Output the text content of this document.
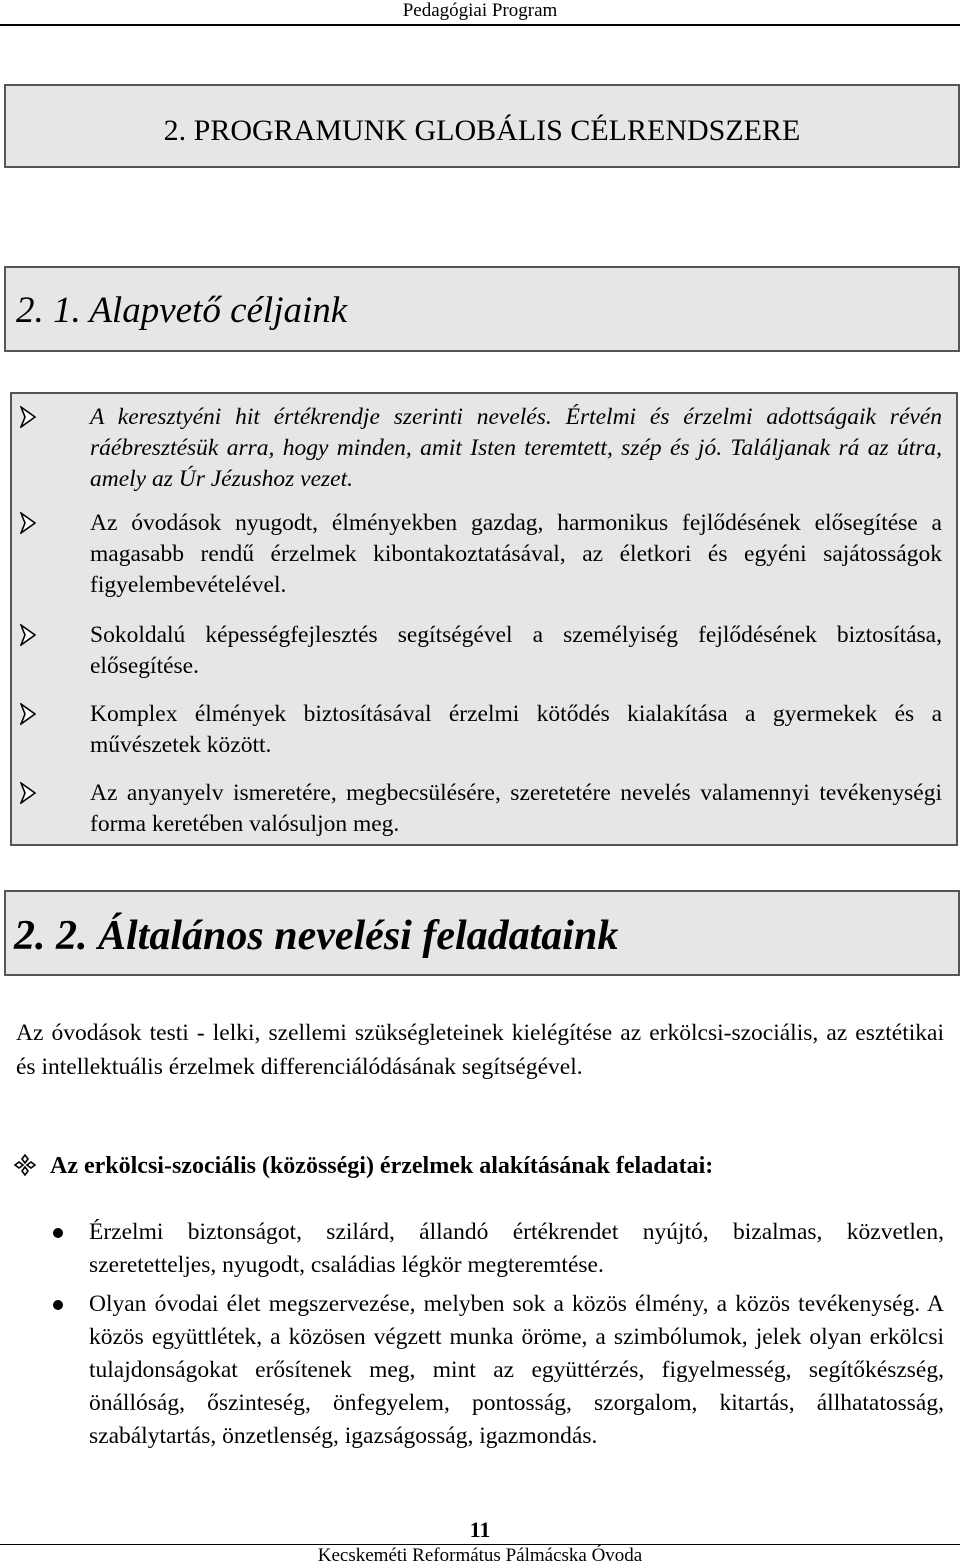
Pedagógiai Program
2. PROGRAMUNK GLOBÁLIS CÉLRENDSZERE
2. 1. Alapvető céljaink
A keresztyéni hit értékrendje szerinti nevelés. Értelmi és érzelmi adottságaik révén ráébresztésük arra, hogy minden, amit Isten teremtett, szép és jó. Találjanak rá az útra, amely az Úr Jézushoz vezet.
Az óvodások nyugodt, élményekben gazdag, harmonikus fejlődésének elősegítése a magasabb rendű érzelmek kibontakoztatásával, az életkori és egyéni sajátosságok figyelembevételével.
Sokoldalú képességfejlesztés segítségével a személyiség fejlődésének biztosítása, elősegítése.
Komplex élmények biztosításával érzelmi kötődés kialakítása a gyermekek és a művészetek között.
Az anyanyelv ismeretére, megbecsülésére, szeretetére nevelés valamennyi tevékenységi forma keretében valósuljon meg.
2. 2. Általános nevelési feladataink
Az óvodások testi - lelki, szellemi szükségleteinek kielégítése az erkölcsi-szociális, az esztétikai és intellektuális érzelmek differenciálódásának segítségével.
Az erkölcsi-szociális (közösségi) érzelmek alakításának feladatai:
Érzelmi biztonságot, szilárd, állandó értékrendet nyújtó, bizalmas, közvetlen, szeretetteljes, nyugodt, családias légkör megteremtése.
Olyan óvodai élet megszervezése, melyben sok a közös élmény, a közös tevékenység. A közös együttlétek, a közösen végzett munka öröme, a szimbólumok, jelek olyan erkölcsi tulajdonságokat erősítenek meg, mint az együttérzés, figyelmesség, segítőkészség, önállóság, őszinteség, önfegyelem, pontosság, szorgalom, kitartás, állhatatosság, szabálytartás, önzetlenség, igazságosság, igazmondás.
11
Kecskeméti Református Pálmácska Óvoda
